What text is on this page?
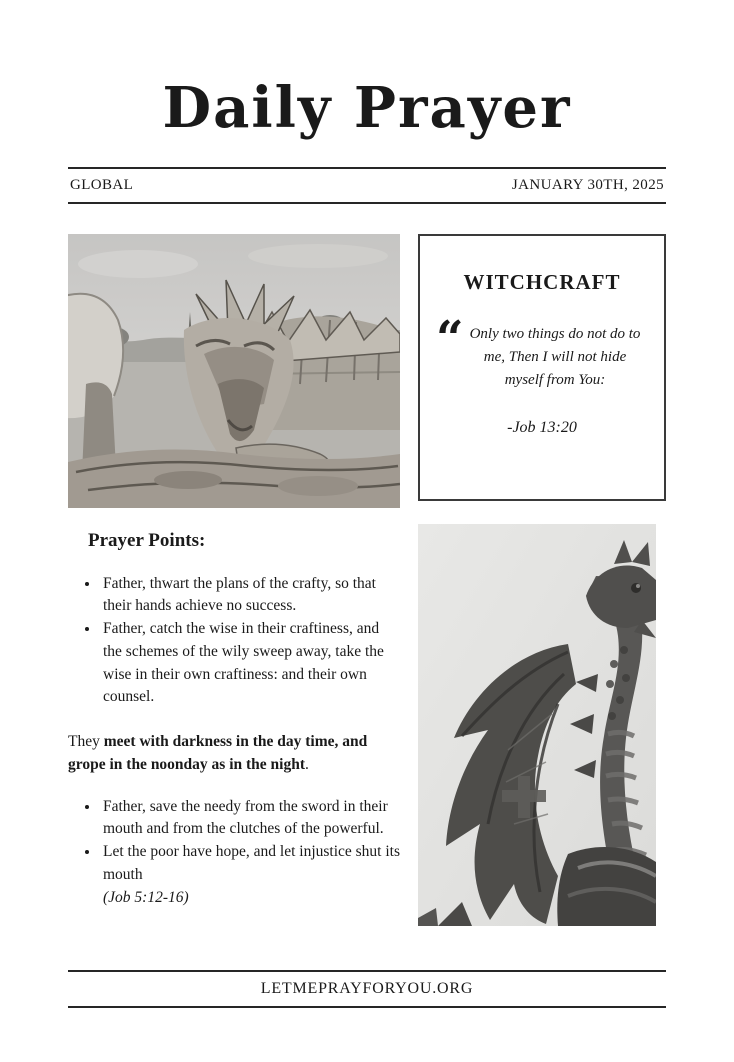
Daily Prayer
GLOBAL	JANUARY 30TH, 2025
WITCHCRAFT
“ Only two things do not do to me, Then I will not hide myself from You:
-Job 13:20
Prayer Points:
• Father, thwart the plans of the crafty, so that their hands achieve no success.
• Father, catch the wise in their craftiness, and the schemes of the wily sweep away, take the wise in their own craftiness: and their own counsel.

They meet with darkness in the day time, and grope in the noonday as in the night.

• Father, save the needy from the sword in their mouth and from the clutches of the powerful.
• Let the poor have hope, and let injustice shut its mouth
(Job 5:12-16)
LETMEPRAYFORYOU.ORG
